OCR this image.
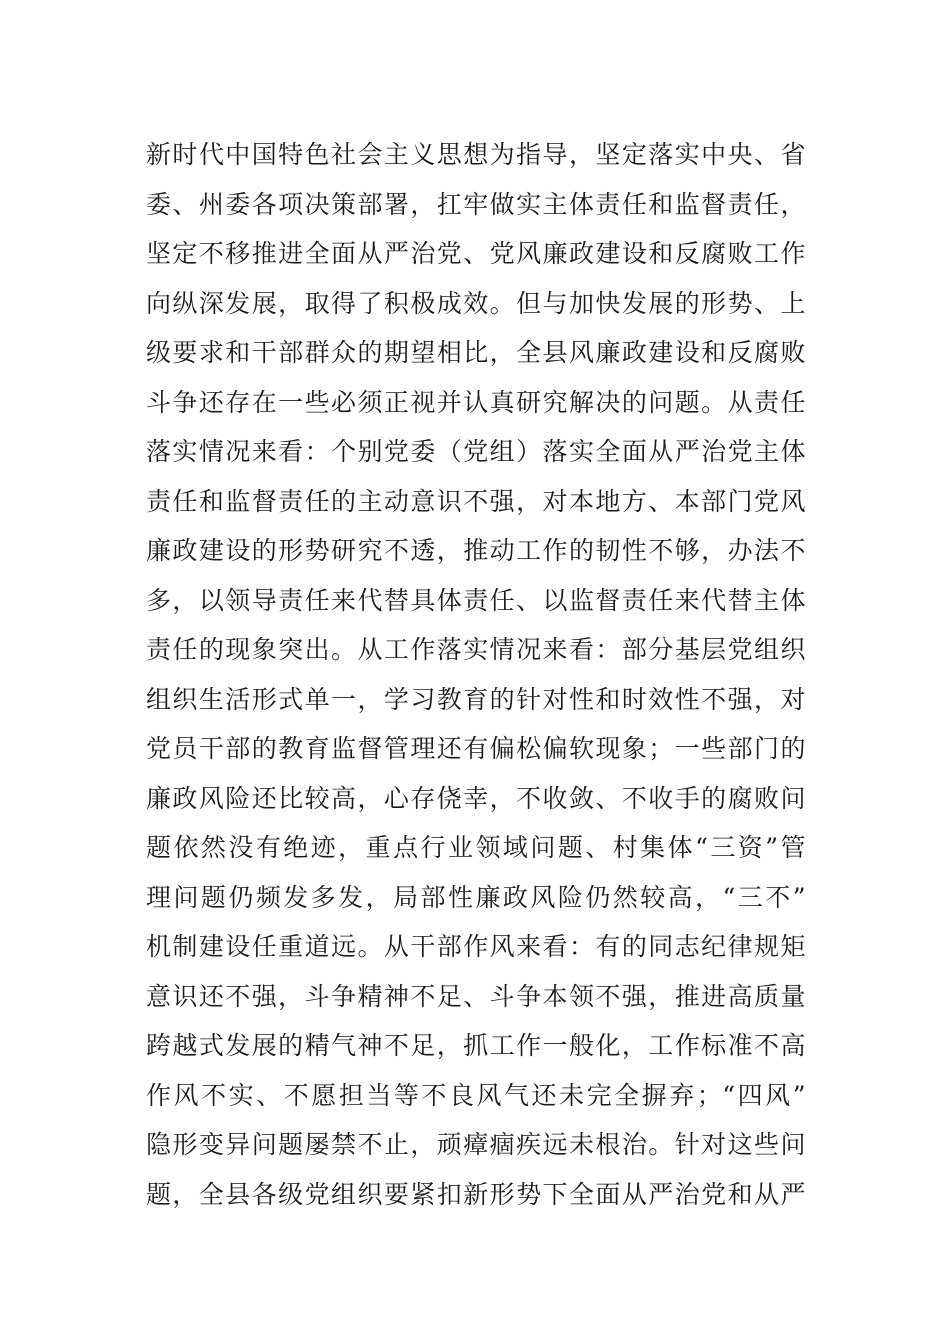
新时代中国特色社会主义思想为指导，坚定落实中央、省
委、州委各项决策部署，扛牢做实主体责任和监督责任，
坚定不移推进全面从严治党、党风廉政建设和反腐败工作
向纵深发展，取得了积极成效。但与加快发展的形势、上
级要求和干部群众的期望相比，全县风廉政建设和反腐败
斗争还存在一些必须正视并认真研究解决的问题。从责任
落实情况来看：个别党委（党组）落实全面从严治党主体
责任和监督责任的主动意识不强，对本地方、本部门党风
廉政建设的形势研究不透，推动工作的韧性不够，办法不
多，以领导责任来代替具体责任、以监督责任来代替主体
责任的现象突出。从工作落实情况来看：部分基层党组织
组织生活形式单一，学习教育的针对性和时效性不强，对
党员干部的教育监督管理还有偏松偏软现象；一些部门的
廉政风险还比较高，心存侥幸，不收敛、不收手的腐败问
题依然没有绝迹，重点行业领域问题、村集体“三资”管
理问题仍频发多发，局部性廉政风险仍然较高，“三不”
机制建设任重道远。从干部作风来看：有的同志纪律规矩
意识还不强，斗争精神不足、斗争本领不强，推进高质量
跨越式发展的精气神不足，抓工作一般化，工作标准不高
作风不实、不愿担当等不良风气还未完全摒弃；“四风”
隐形变异问题屡禁不止，顽瘴痼疾远未根治。针对这些问
题，全县各级党组织要紧扣新形势下全面从严治党和从严
